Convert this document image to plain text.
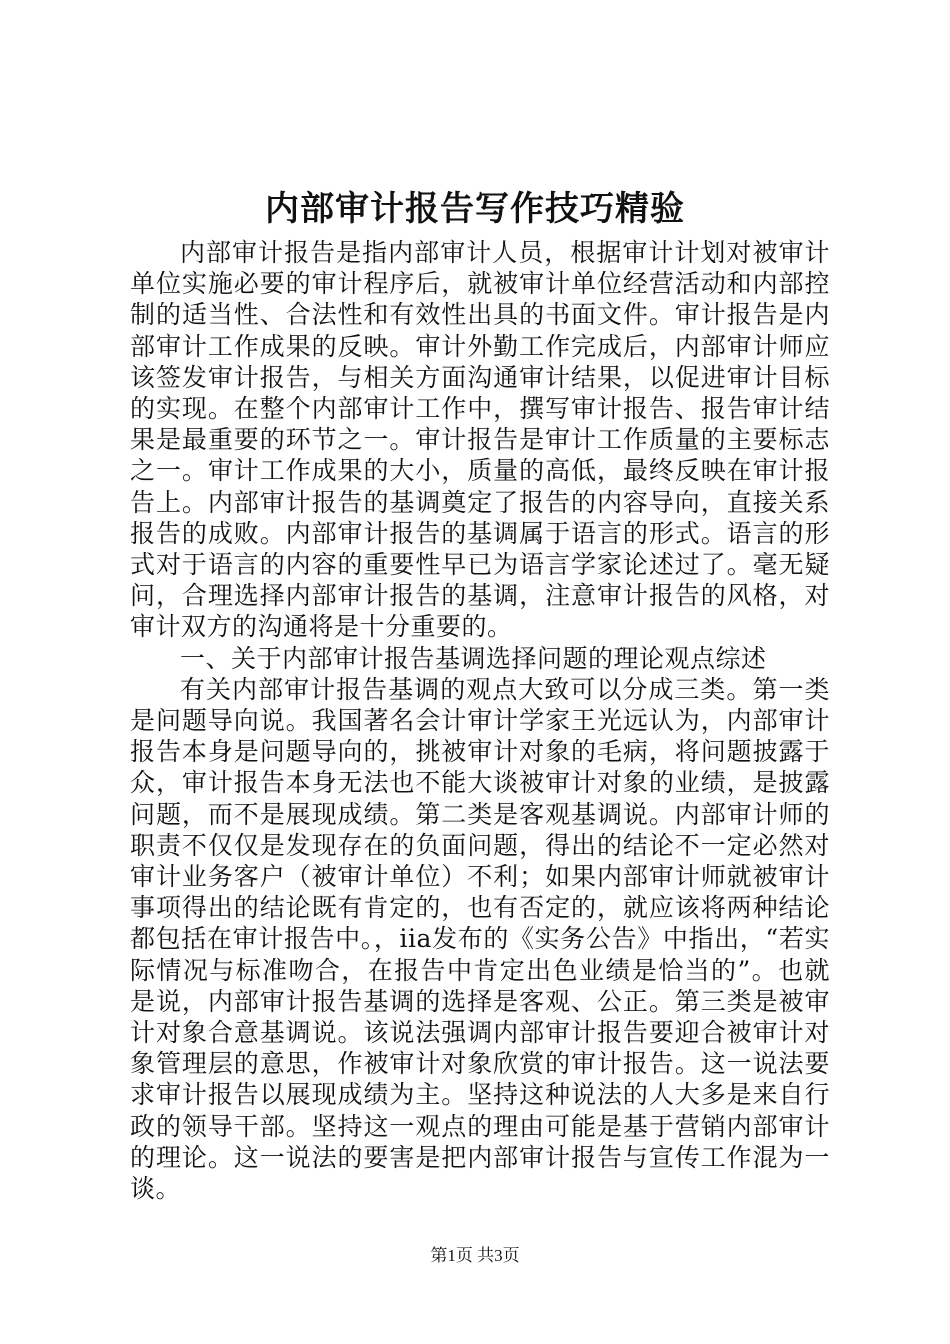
内部审计报告写作技巧精验

内部审计报告是指内部审计人员，根据审计计划对被审计单位实施必要的审计程序后，就被审计单位经营活动和内部控制的适当性、合法性和有效性出具的书面文件。审计报告是内部审计工作成果的反映。审计外勤工作完成后，内部审计师应该签发审计报告，与相关方面沟通审计结果，以促进审计目标的实现。在整个内部审计工作中，撰写审计报告、报告审计结果是最重要的环节之一。审计报告是审计工作质量的主要标志之一。审计工作成果的大小，质量的高低，最终反映在审计报告上。内部审计报告的基调奠定了报告的内容导向，直接关系报告的成败。内部审计报告的基调属于语言的形式。语言的形式对于语言的内容的重要性早已为语言学家论述过了。毫无疑问，合理选择内部审计报告的基调，注意审计报告的风格，对审计双方的沟通将是十分重要的。

一、关于内部审计报告基调选择问题的理论观点综述

有关内部审计报告基调的观点大致可以分成三类。第一类是问题导向说。我国著名会计审计学家王光远认为，内部审计报告本身是问题导向的，挑被审计对象的毛病，将问题披露于众，审计报告本身无法也不能大谈被审计对象的业绩，是披露问题，而不是展现成绩。第二类是客观基调说。内部审计师的职责不仅仅是发现存在的负面问题，得出的结论不一定必然对审计业务客户（被审计单位）不利；如果内部审计师就被审计事项得出的结论既有肯定的，也有否定的，就应该将两种结论都包括在审计报告中。，iia发布的《实务公告》中指出，“若实际情况与标准吻合，在报告中肯定出色业绩是恰当的”。也就是说，内部审计报告基调的选择是客观、公正。第三类是被审计对象合意基调说。该说法强调内部审计报告要迎合被审计对象管理层的意思，作被审计对象欣赏的审计报告。这一说法要求审计报告以展现成绩为主。坚持这种说法的人大多是来自行政的领导干部。坚持这一观点的理由可能是基于营销内部审计的理论。这一说法的要害是把内部审计报告与宣传工作混为一谈。

第1页 共3页
